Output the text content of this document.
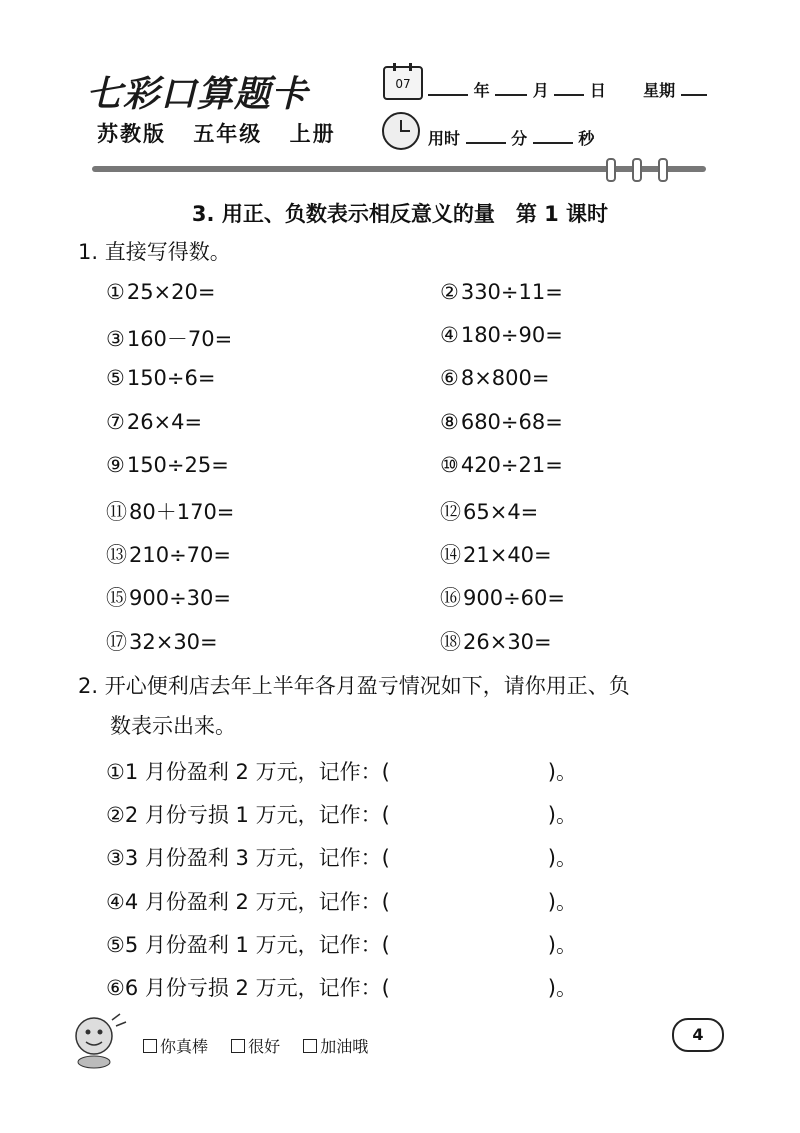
七彩口算题卡
苏教版 五年级 上册
07	年	月	日 星期
用时	分	秒
3. 用正、负数表示相反意义的量　第 1 课时
1. 直接写得数。
①25×20=	②330÷11=
③160－70=	④180÷90=
⑤150÷6=	⑥8×800=
⑦26×4=	⑧680÷68=
⑨150÷25=	⑩420÷21=
⑪80＋170=	⑫65×4=
⑬210÷70=	⑭21×40=
⑮900÷30=	⑯900÷60=
⑰32×30=	⑱26×30=
2. 开心便利店去年上半年各月盈亏情况如下，请你用正、负
数表示出来。
①1 月份盈利 2 万元，记作：(	)。
②2 月份亏损 1 万元，记作：(	)。
③3 月份盈利 3 万元，记作：(	)。
④4 月份盈利 2 万元，记作：(	)。
⑤5 月份盈利 1 万元，记作：(	)。
⑥6 月份亏损 2 万元，记作：(	)。
你真棒	很好	加油哦
4
